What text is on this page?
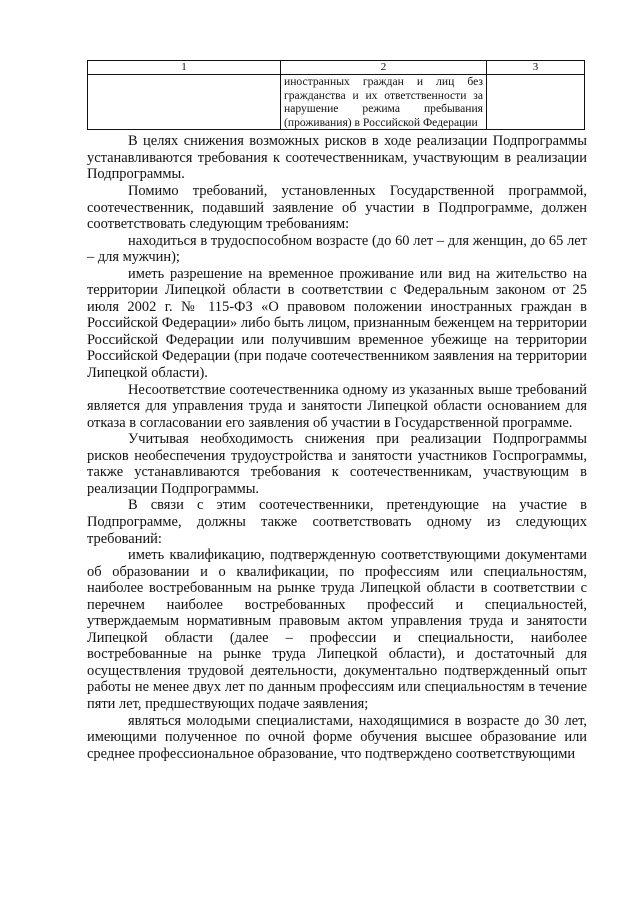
1	2	3
	иностранных граждан и лиц без гражданства и их ответственности за нарушение режима пребывания (проживания) в Российской Федерации	

В целях снижения возможных рисков в ходе реализации Подпрограммы устанавливаются требования к соотечественникам, участвующим в реализации Подпрограммы.

Помимо требований, установленных Государственной программой, соотечественник, подавший заявление об участии в Подпрограмме, должен соответствовать следующим требованиям:

находиться в трудоспособном возрасте (до 60 лет – для женщин, до 65 лет – для мужчин);

иметь разрешение на временное проживание или вид на жительство на территории Липецкой области в соответствии с Федеральным законом от 25 июля 2002 г. № 115-ФЗ «О правовом положении иностранных граждан в Российской Федерации» либо быть лицом, признанным беженцем на территории Российской Федерации или получившим временное убежище на территории Российской Федерации (при подаче соотечественником заявления на территории Липецкой области).

Несоответствие соотечественника одному из указанных выше требований является для управления труда и занятости Липецкой области основанием для отказа в согласовании его заявления об участии в Государственной программе.

Учитывая необходимость снижения при реализации Подпрограммы рисков необеспечения трудоустройства и занятости участников Госпрограммы, также устанавливаются требования к соотечественникам, участвующим в реализации Подпрограммы.

В связи с этим соотечественники, претендующие на участие в Подпрограмме, должны также соответствовать одному из следующих требований:

иметь квалификацию, подтвержденную соответствующими документами об образовании и о квалификации, по профессиям или специальностям, наиболее востребованным на рынке труда Липецкой области в соответствии с перечнем наиболее востребованных профессий и специальностей, утверждаемым нормативным правовым актом управления труда и занятости Липецкой области (далее – профессии и специальности, наиболее востребованные на рынке труда Липецкой области), и достаточный для осуществления трудовой деятельности, документально подтвержденный опыт работы не менее двух лет по данным профессиям или специальностям в течение пяти лет, предшествующих подаче заявления;

являться молодыми специалистами, находящимися в возрасте до 30 лет, имеющими полученное по очной форме обучения высшее образование или среднее профессиональное образование, что подтверждено соответствующими
